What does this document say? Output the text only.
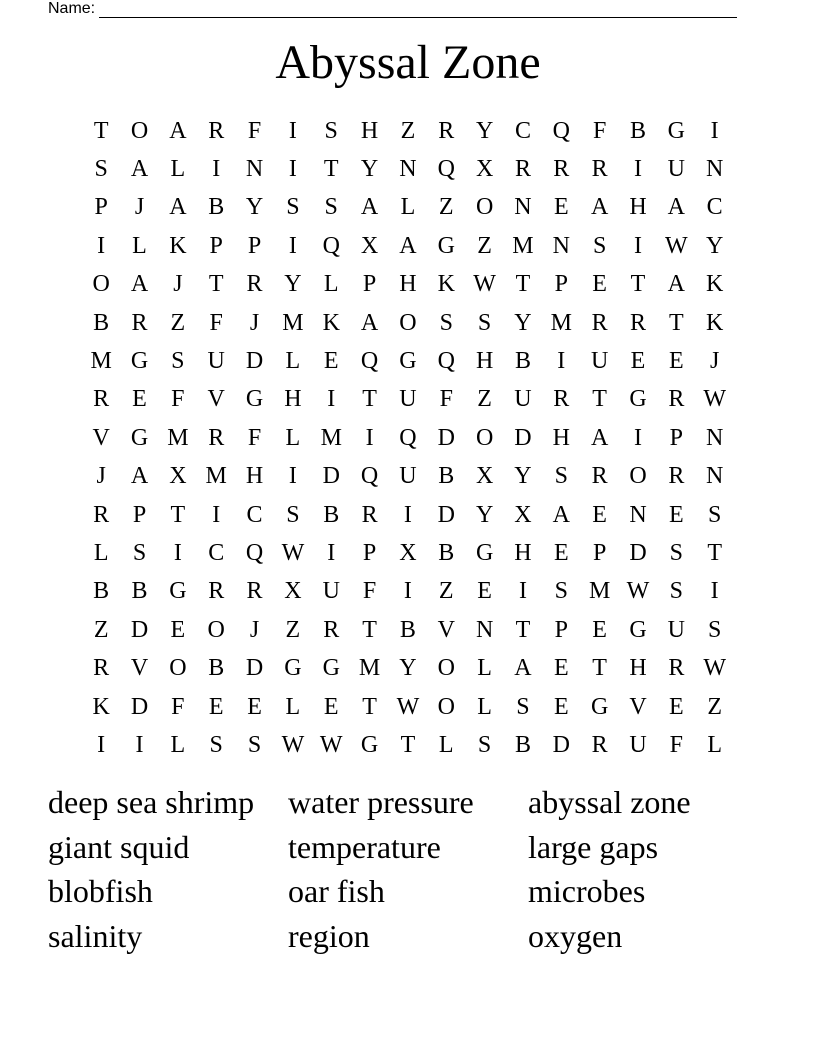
Name:
Abyssal Zone
T O A R F	I	S H Z R Y C Q F B G	I
S A L	I	N	I	T Y N Q X R R R	I	U N
P	J	A B Y S	S A L Z O N E A H A C
I	L K P	P	I	Q X A G Z M N S	I W Y
O A	J	T R Y L	P H K W T	P	E T A K
B R Z	F	J M K A O S	S Y M R R T K
M G S U D L E Q G Q H B	I	U E E	J
R E	F V G H	I	T U F	Z U R T G R W
V G M R F	L M I	Q D O D H A	I	P N
J	A X M H	I	D Q U B X Y S R O R N
R P	T	I	C S B R	I	D Y X A E N E	S
L	S	I	C Q W I	P X B G H E	P D S	T
B B G R R X U F	I	Z E	I	S M W S	I
Z D E O	J	Z R T B V N T	P	E G U S
R V O B D G G M Y O L A E T H R W
K D F	E E L E T W O L	S	E G V E Z
I	I	L	S	S W W G T L	S B D R U F	L
deep sea shrimp	water pressure	abyssal zone
giant squid	temperature	large gaps
blobfish	oar fish	microbes
salinity	region	oxygen
